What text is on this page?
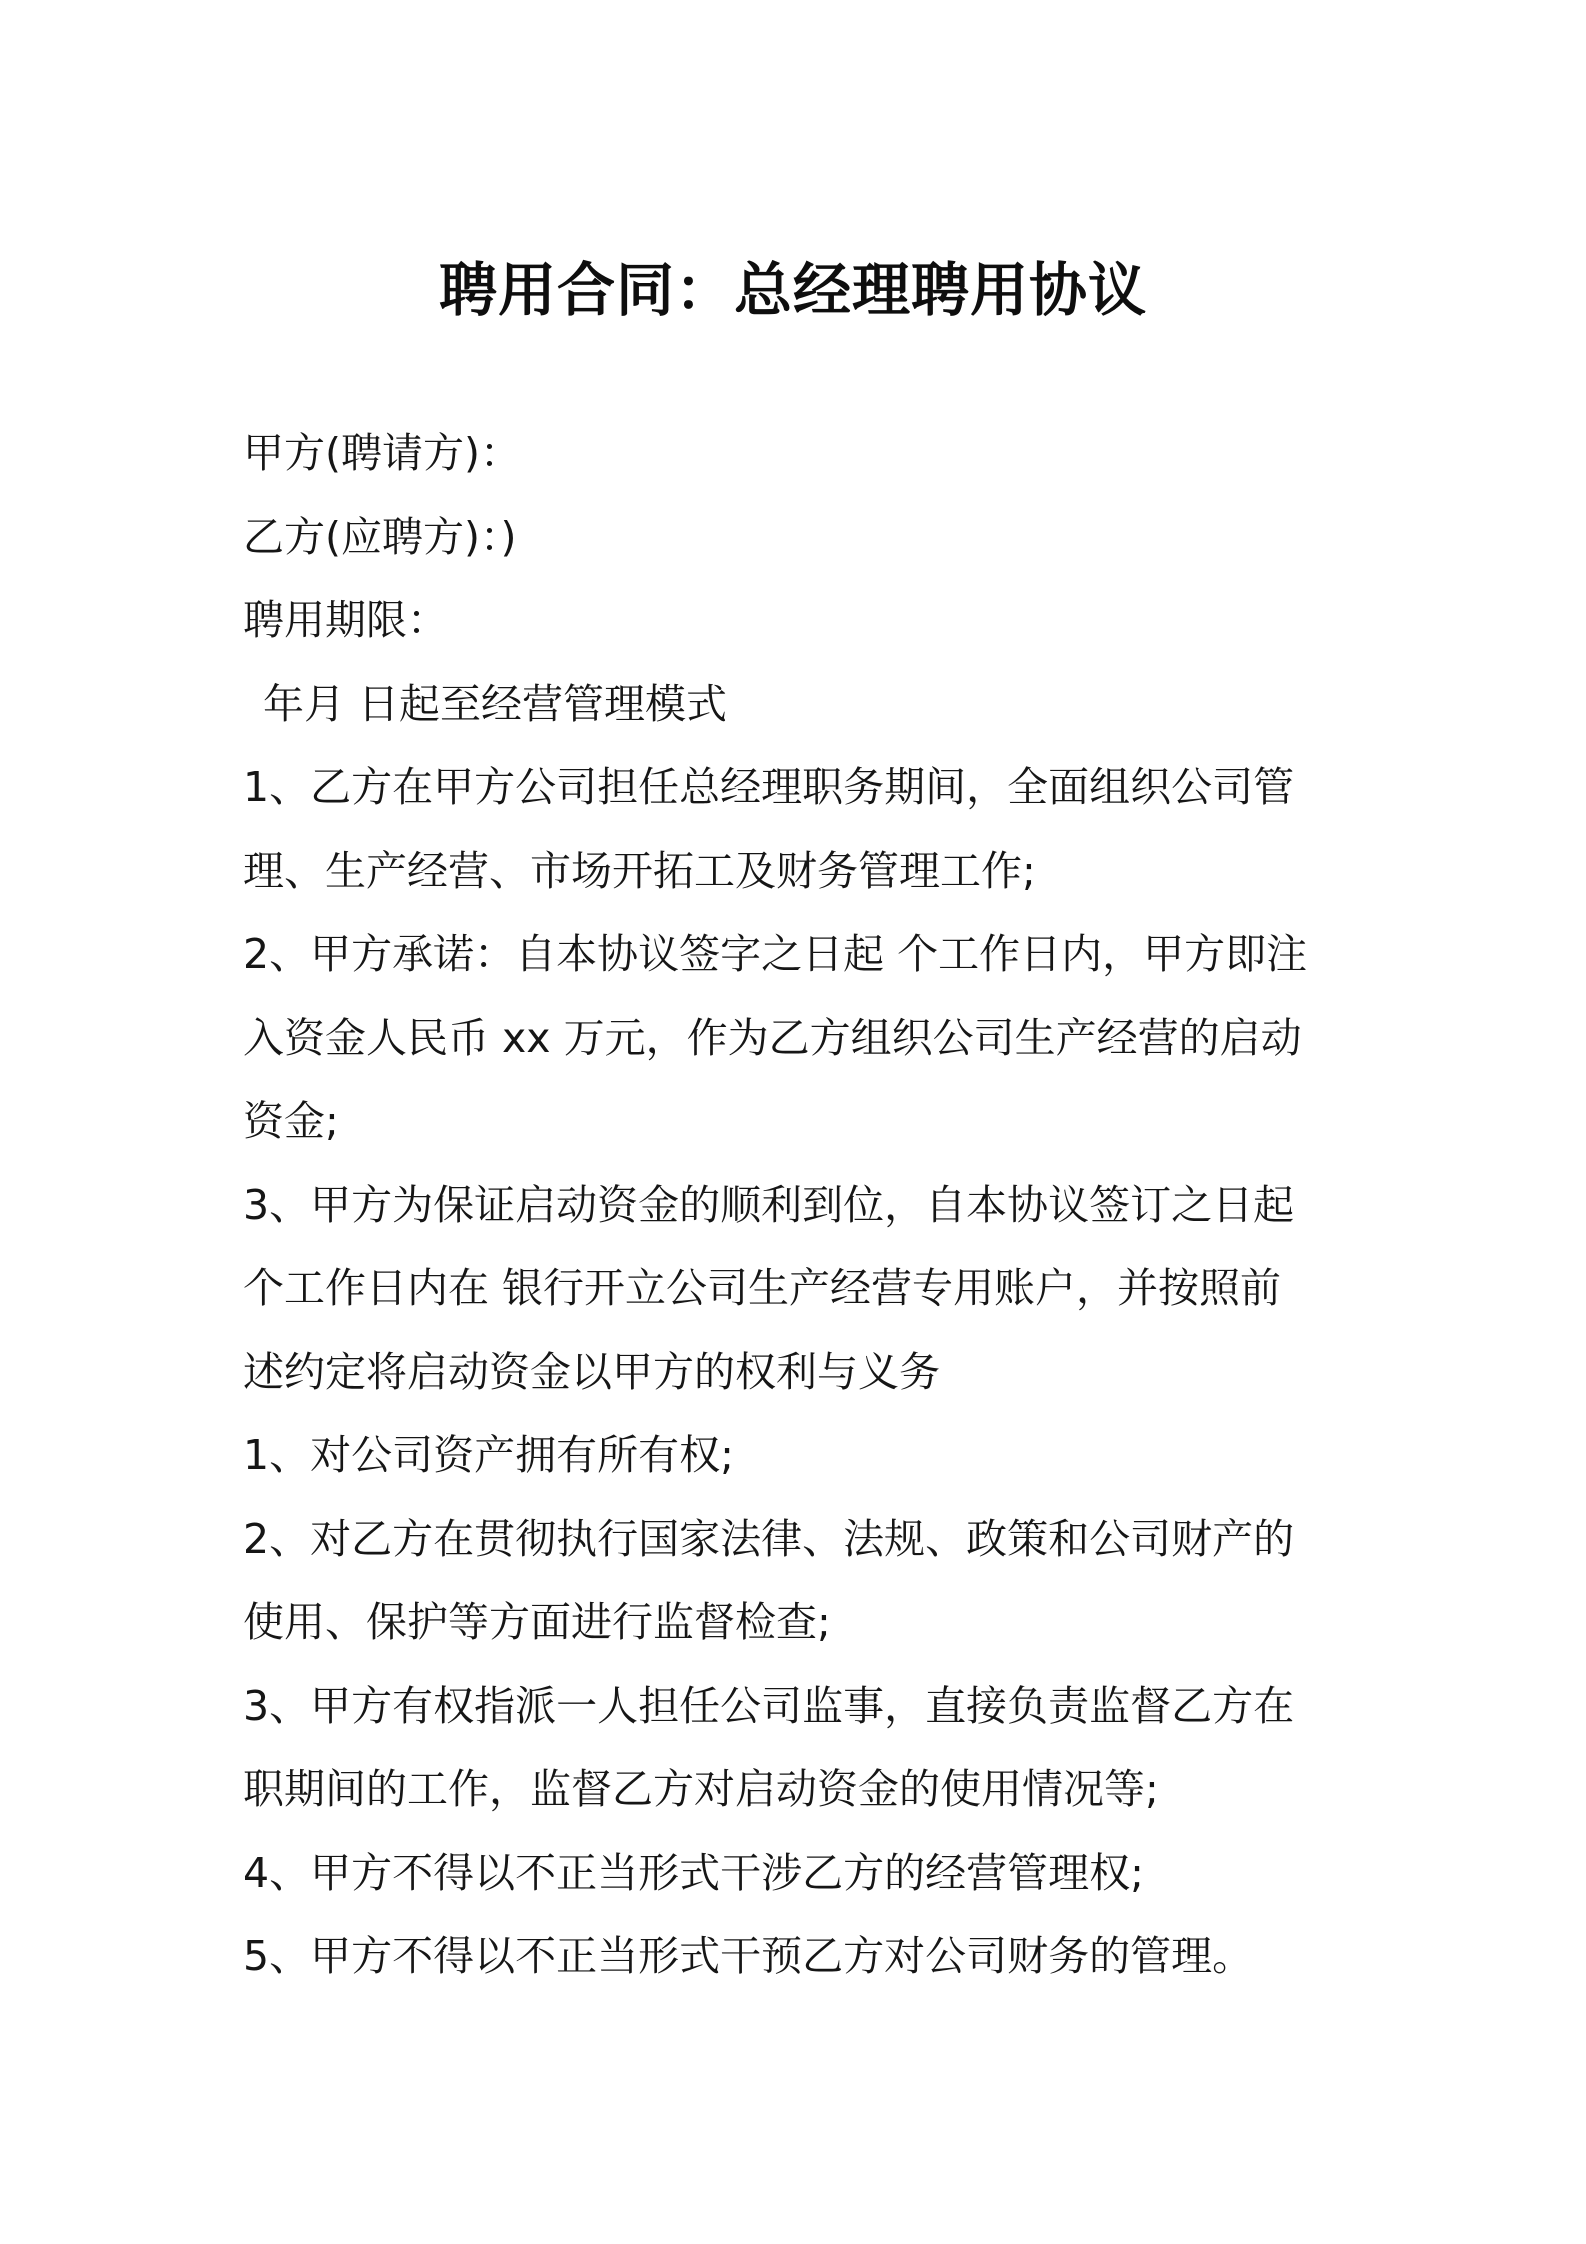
聘用合同：总经理聘用协议
甲方(聘请方)：
乙方(应聘方)：)
聘用期限：
年月 日起至经营管理模式
1、乙方在甲方公司担任总经理职务期间，全面组织公司管
理、生产经营、市场开拓工及财务管理工作;
2、甲方承诺：自本协议签字之日起 个工作日内，甲方即注
入资金人民币 xx 万元，作为乙方组织公司生产经营的启动
资金;
3、甲方为保证启动资金的顺利到位，自本协议签订之日起
个工作日内在 银行开立公司生产经营专用账户，并按照前
述约定将启动资金以甲方的权利与义务
1、对公司资产拥有所有权;
2、对乙方在贯彻执行国家法律、法规、政策和公司财产的
使用、保护等方面进行监督检查;
3、甲方有权指派一人担任公司监事，直接负责监督乙方在
职期间的工作，监督乙方对启动资金的使用情况等;
4、甲方不得以不正当形式干涉乙方的经营管理权;
5、甲方不得以不正当形式干预乙方对公司财务的管理。
